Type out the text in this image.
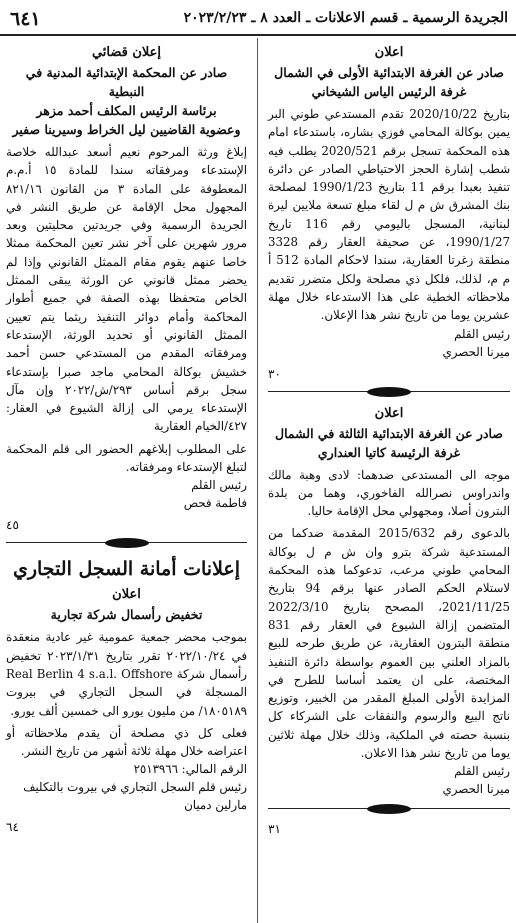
الجريدة الرسمية ـ قسم الاعلانات ـ العدد ٨ ـ ٢٠٢٣/٢/٢٣
٦٤١
اعلان
صادر عن الغرفة الابتدائية الأولى في الشمال
غرفة الرئيس الياس الشيخاني

بتاريخ 2020/10/22 تقدم المستدعي طوني البر يمين بوكالة المحامي فوزي بشاره، باستدعاء امام هذه المحكمة تسجل برقم 2020/521 يطلب فيه شطب إشارة الحجز الاحتياطي الصادر عن دائرة تنفيذ بعبدا برقم 11 بتاريخ 1990/1/23 لمصلحة بنك المشرق ش م ل لقاء مبلغ تسعة ملايين ليرة لبنانية، المسجل باليومي رقم 116 تاريخ 1990/1/27، عن صحيفة العقار رقم 3328 منطقة زغرتا العقارية، سندا لاحكام المادة 512 أ م م، لذلك، فلكل ذي مصلحة ولكل متضرر تقديم ملاحظاته الخطية على هذا الاستدعاء خلال مهلة عشرين يوما من تاريخ نشر هذا الإعلان.

رئيس القلم
ميرنا الحصري
٣٠
اعلان
صادر عن الغرفة الابتدائية الثالثة في الشمال
غرفة الرئيسة كاتيا العنداري

موجه الى المستدعى ضدهما: لادى وهبة مالك واندراوس نصرالله الفاخوري، وهما من بلدة البترون أصلا، ومجهولي محل الإقامة حاليا.

بالدعوى رقم 2015/632 المقدمة ضدكما من المستدعية شركة بترو وان ش م ل بوكالة المحامي طوني مرعب، تدعوكما هذه المحكمة لاستلام الحكم الصادر عنها برقم 94 بتاريخ 2021/11/25، المصحح بتاريخ 2022/3/10 المتضمن إزالة الشيوع في العقار رقم 831 منطقة البترون العقارية، عن طريق طرحه للبيع بالمزاد العلني بين العموم بواسطة دائرة التنفيذ المختصة، على ان يعتمد أساسا للطرح في المزايدة الأولى المبلغ المقدر من الخبير، وتوزيع ناتج البيع والرسوم والنفقات على الشركاء كل بنسبة حصته في الملكية، وذلك خلال مهلة ثلاثين يوما من تاريخ نشر هذا الاعلان.

رئيس القلم
ميرنا الحصري
٣١
إعلان قضائي
صادر عن المحكمة الإبتدائية المدنية في النبطية
برئاسة الرئيس المكلف أحمد مزهر
وعضوية القاضيين ليل الخراط وسيرينا صفير

إبلاغ ورثة المرحوم نعيم أسعد عبدالله خلاصة الإستدعاء ومرفقاته سندا للمادة ١٥ أ.م.م المعطوفة على المادة ٣ من القانون ٨٢١/١٦ المجهول محل الإقامة عن طريق النشر في الجريدة الرسمية وفي جريدتين محليتين وبعد مرور شهرين على آخر نشر تعين المحكمة ممثلا خاصا عنهم يقوم مقام الممثل القانوني وإذا لم يحضر ممثل قانوني عن الورثة يبقى الممثل الخاص متحفظا بهذه الصفة في جميع أطوار المحاكمة وأمام دوائر التنفيذ ريثما يتم تعيين الممثل القانوني أو تحديد الورثة، الإستدعاء ومرفقاته المقدم من المستدعي حسن أحمد خشيش بوكالة المحامي ماجد صبرا بإستدعاء سجل برقم أساس ٢٩٣/ش/٢٠٢٢ وإن مآل الإستدعاء يرمي الى إزالة الشيوع في العقار: ٤٢٧/الخيام العقارية

على المطلوب إبلاغهم الحضور الى قلم المحكمة لتبلغ الإستدعاء ومرفقاته.

رئيس القلم
فاطمة فحص
٤٥
إعلانات أمانة السجل التجاري
اعلان
تخفيض رأسمال شركة تجارية

بموجب محضر جمعية عمومية غير عادية منعقدة في ٢٠٢٢/١٠/٢٤ تقرر بتاريخ ٢٠٢٣/١/٣١ تخفيض رأسمال شركة Real Berlin 4 s.a.l. Offshore المسجلة في السجل التجاري في بيروت ١٨٠٥١٨٩/ من مليون يورو الى خمسين ألف يورو.

فعلى كل ذي مصلحة أن يقدم ملاحظاته أو اعتراضه خلال مهلة ثلاثة أشهر من تاريخ النشر.

الرقم المالي: ٢٥١٣٩٦٦
رئيس قلم السجل التجاري في بيروت بالتكليف
مارلين دميان
٦٤
